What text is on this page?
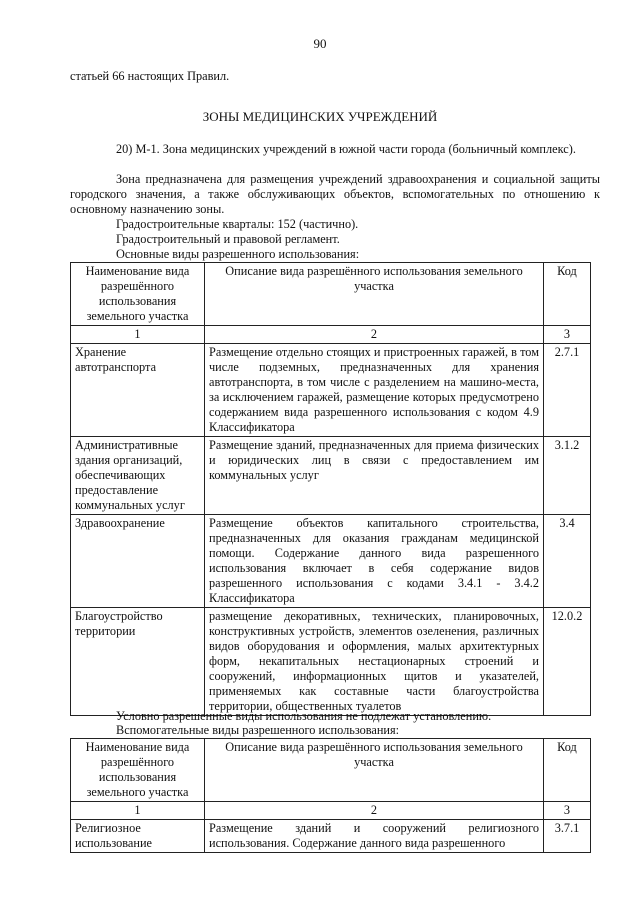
90
статьей 66 настоящих Правил.
ЗОНЫ МЕДИЦИНСКИХ УЧРЕЖДЕНИЙ
20) М-1. Зона медицинских учреждений в южной части города (больничный комплекс).
Зона предназначена для размещения учреждений здравоохранения и социальной защиты городского значения, а также обслуживающих объектов, вспомогательных по отношению к основному назначению зоны.
Градостроительные кварталы: 152 (частично).
Градостроительный и правовой регламент.
Основные виды разрешенного использования:
Наименование вида разрешённого использования земельного участка	Описание вида разрешённого использования земельного участка	Код
1	2	3
Хранение автотранспорта	Размещение отдельно стоящих и пристроенных гаражей, в том числе подземных, предназначенных для хранения автотранспорта, в том числе с разделением на машино-места, за исключением гаражей, размещение которых предусмотрено содержанием вида разрешенного использования с кодом 4.9 Классификатора	2.7.1
Административные здания организаций, обеспечивающих предоставление коммунальных услуг	Размещение зданий, предназначенных для приема физических и юридических лиц в связи с предоставлением им коммунальных услуг	3.1.2
Здравоохранение	Размещение объектов капитального строительства, предназначенных для оказания гражданам медицинской помощи. Содержание данного вида разрешенного использования включает в себя содержание видов разрешенного использования с кодами 3.4.1 - 3.4.2 Классификатора	3.4
Благоустройство территории	размещение декоративных, технических, планировочных, конструктивных устройств, элементов озеленения, различных видов оборудования и оформления, малых архитектурных форм, некапитальных нестационарных строений и сооружений, информационных щитов и указателей, применяемых как составные части благоустройства территории, общественных туалетов	12.0.2
Условно разрешенные виды использования не подлежат установлению.
Вспомогательные виды разрешенного использования:
Наименование вида разрешённого использования земельного участка	Описание вида разрешённого использования земельного участка	Код
1	2	3
Религиозное использование	Размещение зданий и сооружений религиозного использования. Содержание данного вида разрешенного	3.7.1
